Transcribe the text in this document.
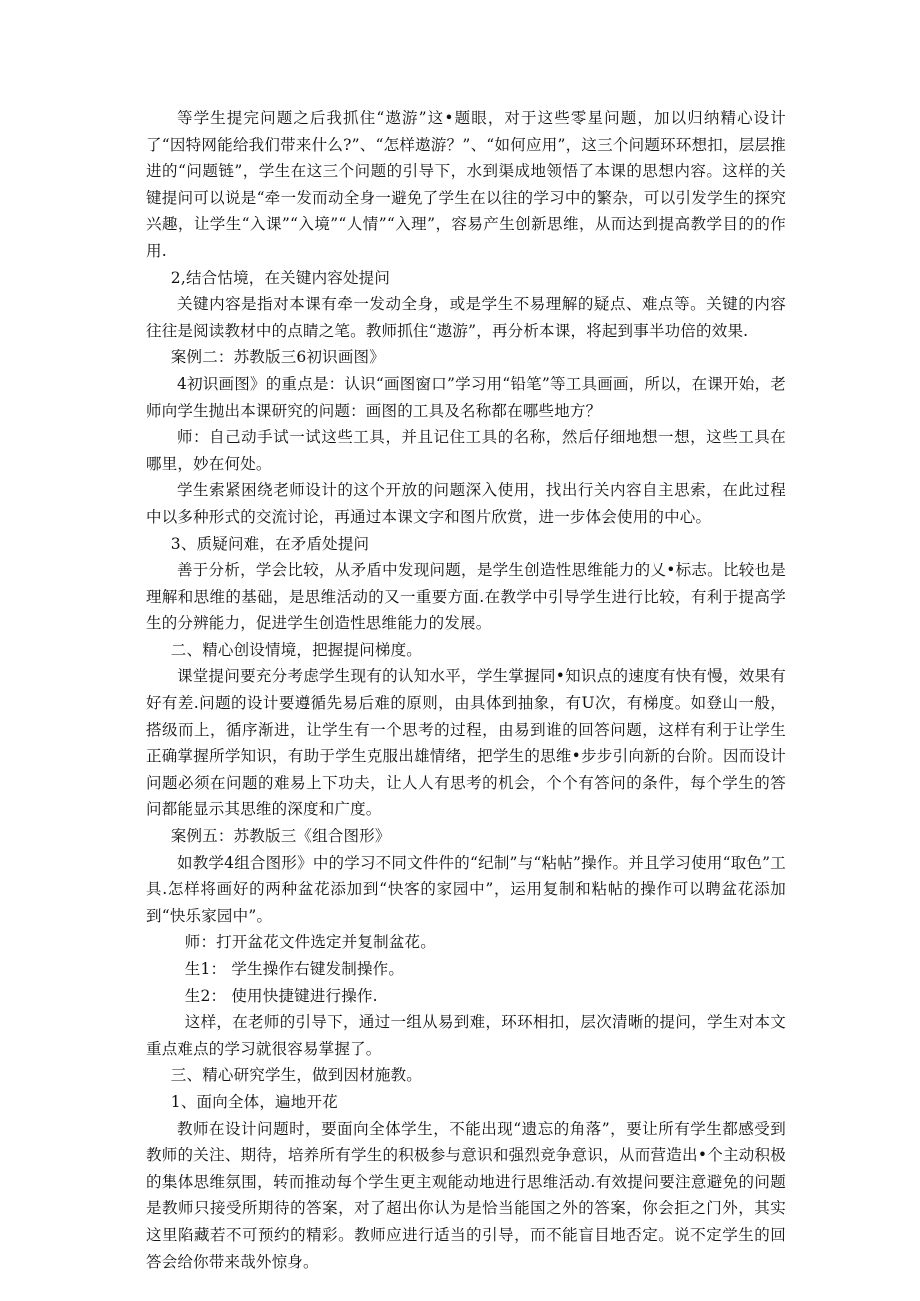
等学生提完问题之后我抓住“遨游”这•题眼，对于这些零星问题，加以归纳精心设计了“因特网能给我们带来什么?”、“怎样遨游？”、“如何应用”，这三个问题环环想扣，层层推进的“问题链”，学生在这三个问题的引导下，水到渠成地领悟了本课的思想内容。这样的关键提问可以说是“牵一发而动全身一避免了学生在以往的学习中的繁杂，可以引发学生的探究兴趣，让学生“入课”“入境”“人情”“入理”，容易产生创新思维，从而达到提高教学目的的作用.

2,结合怙境，在关键内容处提问

关键内容是指对本课有牵一发动全身，或是学生不易理解的疑点、难点等。关键的内容往往是阅读教材中的点睛之笔。教师抓住“遨游”，再分析本课，将起到事半功倍的效果.

案例二：苏教版三6初识画图》

4初识画图》的重点是：认识“画图窗口”学习用“铅笔”等工具画画，所以，在课开始，老师向学生抛出本课研究的问题：画图的工具及名称都在哪些地方？

师：自己动手试一试这些工具，并且记住工具的名称，然后仔细地想一想，这些工具在哪里，妙在何处。

学生索紧困绕老师设计的这个开放的问题深入使用，找出行关内容自主思索，在此过程中以多种形式的交流讨论，再通过本课文字和图片欣赏，进一步体会使用的中心。

3、质疑问难，在矛盾处提问

善于分析，学会比较，从矛盾中发现问题，是学生创造性思维能力的乂•标志。比较也是理解和思维的基础，是思维活动的又一重要方面.在教学中引导学生进行比较，有利于提高学生的分辨能力，促进学生创造性思维能力的发展。

二、精心创设情境，把握提问梯度。

课堂提问要充分考虑学生现有的认知水平，学生掌握同•知识点的速度有快有慢，效果有好有差.问题的设计要遵循先易后难的原则，由具体到抽象，有U次，有梯度。如登山一般，搭级而上，循序渐进，让学生有一个思考的过程，由易到谁的回答问题，这样有利于让学生正确掌握所学知识，有助于学生克服出雄情绪，把学生的思维•步步引向新的台阶。因而设计问题必须在问题的难易上下功夫，让人人有思考的机会，个个有答问的条件，每个学生的答问都能显示其思维的深度和广度。

案例五：苏教版三《组合图形》

如教学4组合图形》中的学习不同文件件的“纪制”与“粘帖”操作。并且学习使用“取色”工具.怎样将画好的两种盆花添加到“快客的家园中”，运用复制和粘帖的操作可以聘盆花添加到“快乐家园中”。

师：打开盆花文件选定并复制盆花。

生1： 学生操作右键发制操作。

生2： 使用快捷键进行操作.

这样，在老师的引导下，通过一组从易到难，环环相扣，层次清晰的提问，学生对本文重点难点的学习就很容易掌握了。

三、精心研究学生，做到因材施教。

1、面向全体，遍地开花

教师在设计问题时，要面向全体学生，不能出现“遗忘的角落”，要让所有学生都感受到教师的关注、期待，培养所有学生的积极参与意识和强烈竞争意识，从而营造出•个主动积极的集体思维氛围，转而推动每个学生更主观能动地进行思维活动.有效提问要注意避免的问题是教师只接受所期待的答案，对了超出你认为是恰当能国之外的答案，你会拒之门外，其实这里陷藏若不可预约的精彩。教师应进行适当的引导，而不能盲目地否定。说不定学生的回答会给你带来哉外惊身。
